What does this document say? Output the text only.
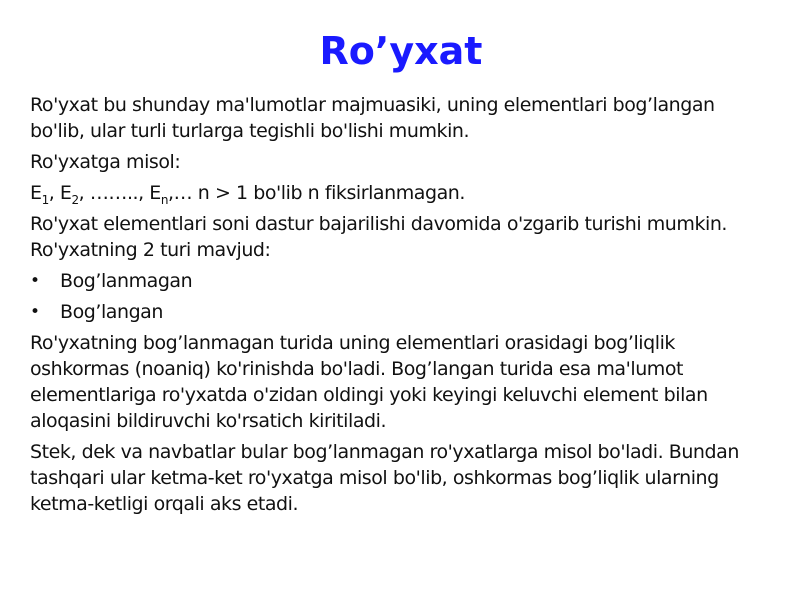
Ro’yxat

Ro'yxat bu shunday ma'lumotlar majmuasiki, uning elementlari bog’langan bo'lib, ular turli turlarga tegishli bo'lishi mumkin.

Ro'yxatga misol:

$E_1$, $E_2$, …….., $E_n,\dots$ n > 1 bo'lib n fiksirlanmagan.

Ro'yxat elementlari soni dastur bajarilishi davomida o'zgarib turishi mumkin. Ro'yxatning 2 turi mavjud:

• Bog’lanmagan
• Bog’langan

Ro'yxatning bog’lanmagan turida uning elementlari orasidagi bog’liqlik oshkormas (noaniq) ko'rinishda bo'ladi. Bog’langan turida esa ma'lumot elementlariga ro'yxatda o'zidan oldingi yoki keyingi keluvchi element bilan aloqasini bildiruvchi ko'rsatich kiritiladi.

Stek, dek va navbatlar bular bog’lanmagan ro'yxatlarga misol bo'ladi. Bundan tashqari ular ketma-ket ro'yxatga misol bo'lib, oshkormas bog’liqlik ularning ketma-ketligi orqali aks etadi.
